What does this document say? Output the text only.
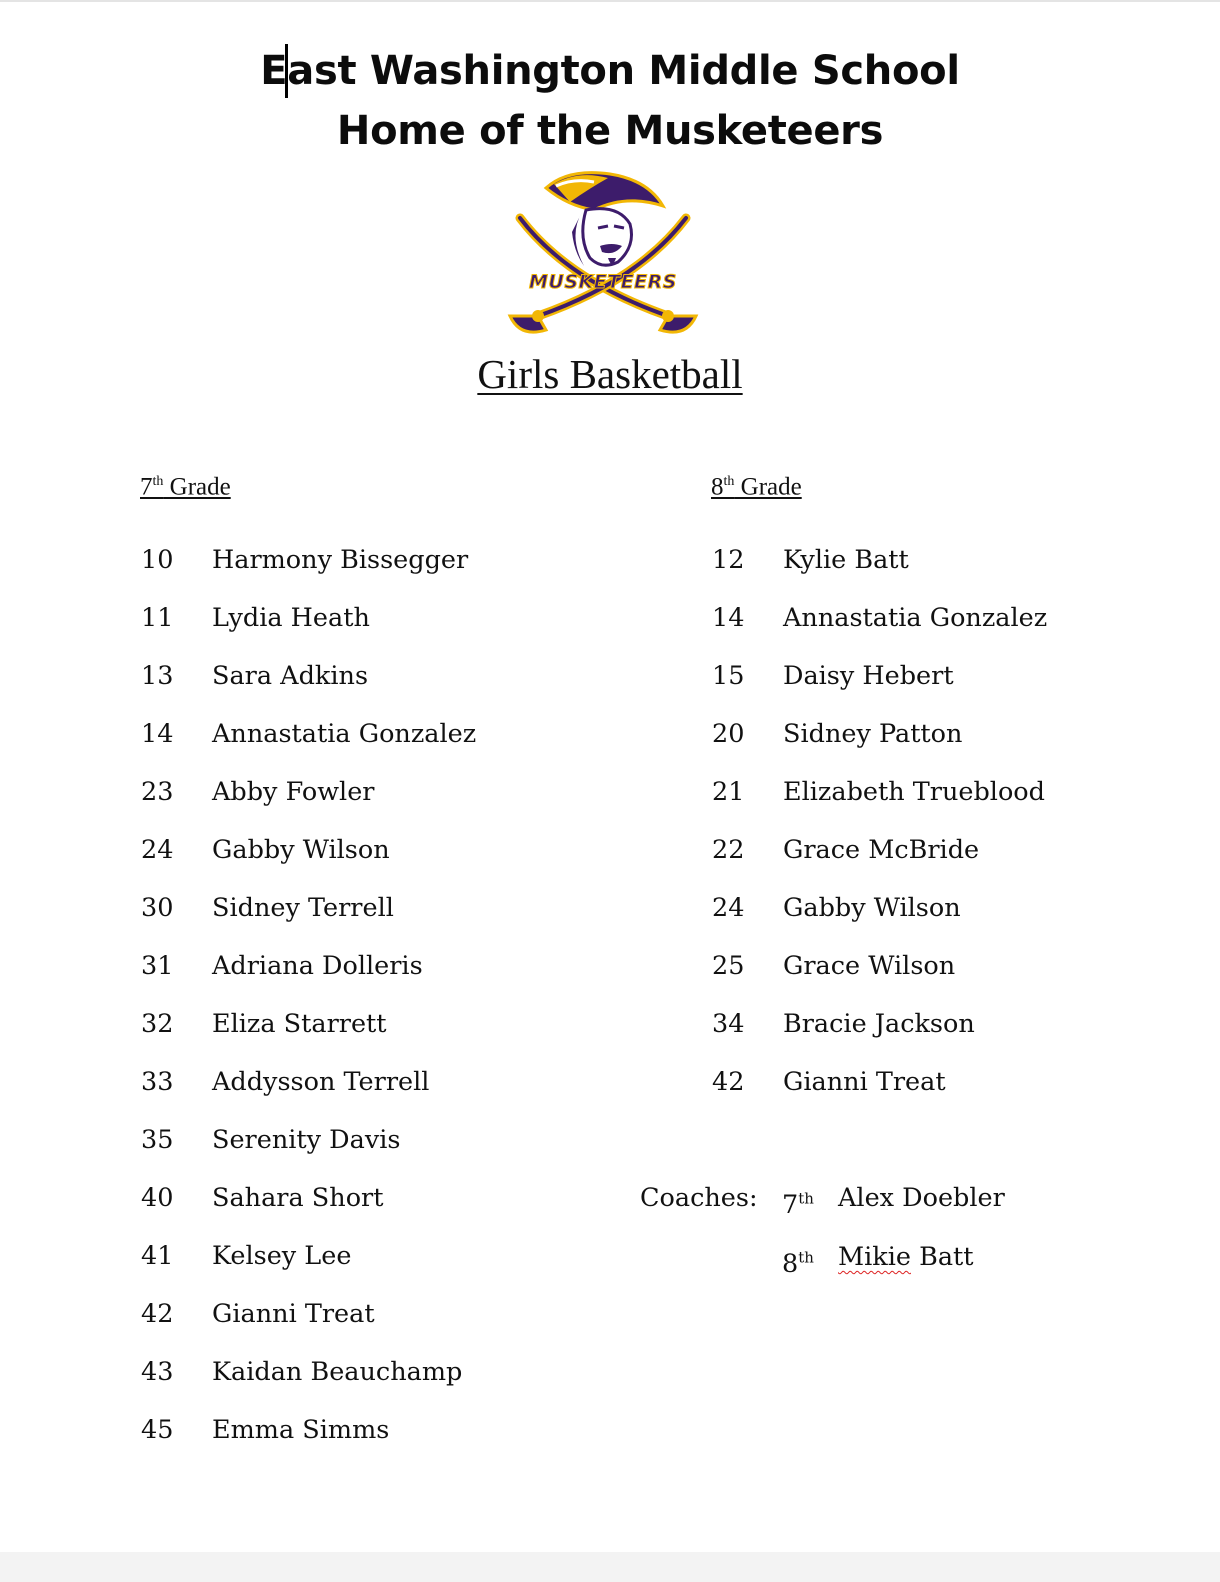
East Washington Middle School
Home of the Musketeers
MUSKETEERS
Girls Basketball
7th Grade	8th Grade
10 Harmony Bissegger
11 Lydia Heath
13 Sara Adkins
14 Annastatia Gonzalez
23 Abby Fowler
24 Gabby Wilson
30 Sidney Terrell
31 Adriana Dolleris
32 Eliza Starrett
33 Addysson Terrell
35 Serenity Davis
40 Sahara Short
41 Kelsey Lee
42 Gianni Treat
43 Kaidan Beauchamp
45 Emma Simms
12 Kylie Batt
14 Annastatia Gonzalez
15 Daisy Hebert
20 Sidney Patton
21 Elizabeth Trueblood
22 Grace McBride
24 Gabby Wilson
25 Grace Wilson
34 Bracie Jackson
42 Gianni Treat
Coaches: 7th Alex Doebler
8th Mikie Batt
